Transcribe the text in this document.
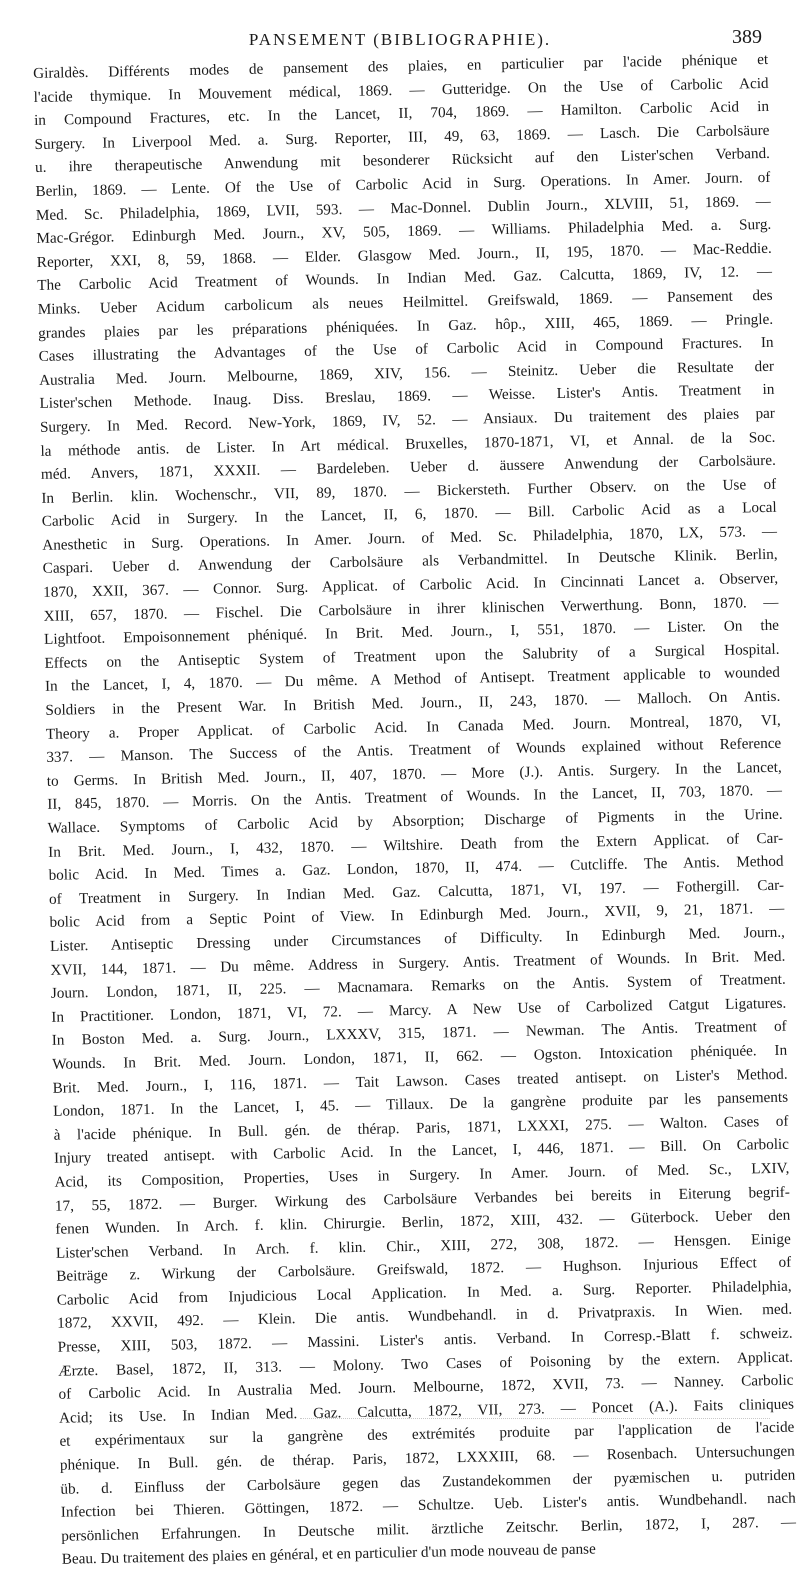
PANSEMENT (BIBLIOGRAPHIE).	389
Giraldès. Différents modes de pansement des plaies, en particulier par l'acide phénique et
l'acide thymique. In Mouvement médical, 1869. — Gutteridge. On the Use of Carbolic Acid
in Compound Fractures, etc. In the Lancet, II, 704, 1869. — Hamilton. Carbolic Acid in
Surgery. In Liverpool Med. a. Surg. Reporter, III, 49, 63, 1869. — Lasch. Die Carbolsäure
u. ihre therapeutische Anwendung mit besonderer Rücksicht auf den Lister'schen Verband.
Berlin, 1869. — Lente. Of the Use of Carbolic Acid in Surg. Operations. In Amer. Journ. of
Med. Sc. Philadelphia, 1869, LVII, 593. — Mac-Donnel. Dublin Journ., XLVIII, 51, 1869. —
Mac-Grégor. Edinburgh Med. Journ., XV, 505, 1869. — Williams. Philadelphia Med. a. Surg.
Reporter, XXI, 8, 59, 1868. — Elder. Glasgow Med. Journ., II, 195, 1870. — Mac-Reddie.
The Carbolic Acid Treatment of Wounds. In Indian Med. Gaz. Calcutta, 1869, IV, 12. —
Minks. Ueber Acidum carbolicum als neues Heilmittel. Greifswald, 1869. — Pansement des
grandes plaies par les préparations phéniquées. In Gaz. hôp., XIII, 465, 1869. — Pringle.
Cases illustrating the Advantages of the Use of Carbolic Acid in Compound Fractures. In
Australia Med. Journ. Melbourne, 1869, XIV, 156. — Steinitz. Ueber die Resultate der
Lister'schen Methode. Inaug. Diss. Breslau, 1869. — Weisse. Lister's Antis. Treatment in
Surgery. In Med. Record. New-York, 1869, IV, 52. — Ansiaux. Du traitement des plaies par
la méthode antis. de Lister. In Art médical. Bruxelles, 1870-1871, VI, et Annal. de la Soc.
méd. Anvers, 1871, XXXII. — Bardeleben. Ueber d. äussere Anwendung der Carbolsäure.
In Berlin. klin. Wochenschr., VII, 89, 1870. — Bickersteth. Further Observ. on the Use of
Carbolic Acid in Surgery. In the Lancet, II, 6, 1870. — Bill. Carbolic Acid as a Local
Anesthetic in Surg. Operations. In Amer. Journ. of Med. Sc. Philadelphia, 1870, LX, 573. —
Caspari. Ueber d. Anwendung der Carbolsäure als Verbandmittel. In Deutsche Klinik. Berlin,
1870, XXII, 367. — Connor. Surg. Applicat. of Carbolic Acid. In Cincinnati Lancet a. Observer,
XIII, 657, 1870. — Fischel. Die Carbolsäure in ihrer klinischen Verwerthung. Bonn, 1870. —
Lightfoot. Empoisonnement phéniqué. In Brit. Med. Journ., I, 551, 1870. — Lister. On the
Effects on the Antiseptic System of Treatment upon the Salubrity of a Surgical Hospital.
In the Lancet, I, 4, 1870. — Du même. A Method of Antisept. Treatment applicable to wounded
Soldiers in the Present War. In British Med. Journ., II, 243, 1870. — Malloch. On Antis.
Theory a. Proper Applicat. of Carbolic Acid. In Canada Med. Journ. Montreal, 1870, VI,
337. — Manson. The Success of the Antis. Treatment of Wounds explained without Reference
to Germs. In British Med. Journ., II, 407, 1870. — More (J.). Antis. Surgery. In the Lancet,
II, 845, 1870. — Morris. On the Antis. Treatment of Wounds. In the Lancet, II, 703, 1870. —
Wallace. Symptoms of Carbolic Acid by Absorption; Discharge of Pigments in the Urine.
In Brit. Med. Journ., I, 432, 1870. — Wiltshire. Death from the Extern Applicat. of Car-
bolic Acid. In Med. Times a. Gaz. London, 1870, II, 474. — Cutcliffe. The Antis. Method
of Treatment in Surgery. In Indian Med. Gaz. Calcutta, 1871, VI, 197. — Fothergill. Car-
bolic Acid from a Septic Point of View. In Edinburgh Med. Journ., XVII, 9, 21, 1871. —
Lister. Antiseptic Dressing under Circumstances of Difficulty. In Edinburgh Med. Journ.,
XVII, 144, 1871. — Du même. Address in Surgery. Antis. Treatment of Wounds. In Brit. Med.
Journ. London, 1871, II, 225. — Macnamara. Remarks on the Antis. System of Treatment.
In Practitioner. London, 1871, VI, 72. — Marcy. A New Use of Carbolized Catgut Ligatures.
In Boston Med. a. Surg. Journ., LXXXV, 315, 1871. — Newman. The Antis. Treatment of
Wounds. In Brit. Med. Journ. London, 1871, II, 662. — Ogston. Intoxication phéniquée. In
Brit. Med. Journ., I, 116, 1871. — Tait Lawson. Cases treated antisept. on Lister's Method.
London, 1871. In the Lancet, I, 45. — Tillaux. De la gangrène produite par les pansements
à l'acide phénique. In Bull. gén. de thérap. Paris, 1871, LXXXI, 275. — Walton. Cases of
Injury treated antisept. with Carbolic Acid. In the Lancet, I, 446, 1871. — Bill. On Carbolic
Acid, its Composition, Properties, Uses in Surgery. In Amer. Journ. of Med. Sc., LXIV,
17, 55, 1872. — Burger. Wirkung des Carbolsäure Verbandes bei bereits in Eiterung begrif-
fenen Wunden. In Arch. f. klin. Chirurgie. Berlin, 1872, XIII, 432. — Güterbock. Ueber den
Lister'schen Verband. In Arch. f. klin. Chir., XIII, 272, 308, 1872. — Hensgen. Einige
Beiträge z. Wirkung der Carbolsäure. Greifswald, 1872. — Hughson. Injurious Effect of
Carbolic Acid from Injudicious Local Application. In Med. a. Surg. Reporter. Philadelphia,
1872, XXVII, 492. — Klein. Die antis. Wundbehandl. in d. Privatpraxis. In Wien. med.
Presse, XIII, 503, 1872. — Massini. Lister's antis. Verband. In Corresp.-Blatt f. schweiz.
Ærzte. Basel, 1872, II, 313. — Molony. Two Cases of Poisoning by the extern. Applicat.
of Carbolic Acid. In Australia Med. Journ. Melbourne, 1872, XVII, 73. — Nanney. Carbolic
Acid; its Use. In Indian Med. Gaz. Calcutta, 1872, VII, 273. — Poncet (A.). Faits cliniques
et expérimentaux sur la gangrène des extrémités produite par l'application de l'acide
phénique. In Bull. gén. de thérap. Paris, 1872, LXXXIII, 68. — Rosenbach. Untersuchungen
üb. d. Einfluss der Carbolsäure gegen das Zustandekommen der pyæmischen u. putriden
Infection bei Thieren. Göttingen, 1872. — Schultze. Ueb. Lister's antis. Wundbehandl. nach
persönlichen Erfahrungen. In Deutsche milit. ärztliche Zeitschr. Berlin, 1872, I, 287. —
Beau. Du traitement des plaies en général, et en particulier d'un mode nouveau de panse
